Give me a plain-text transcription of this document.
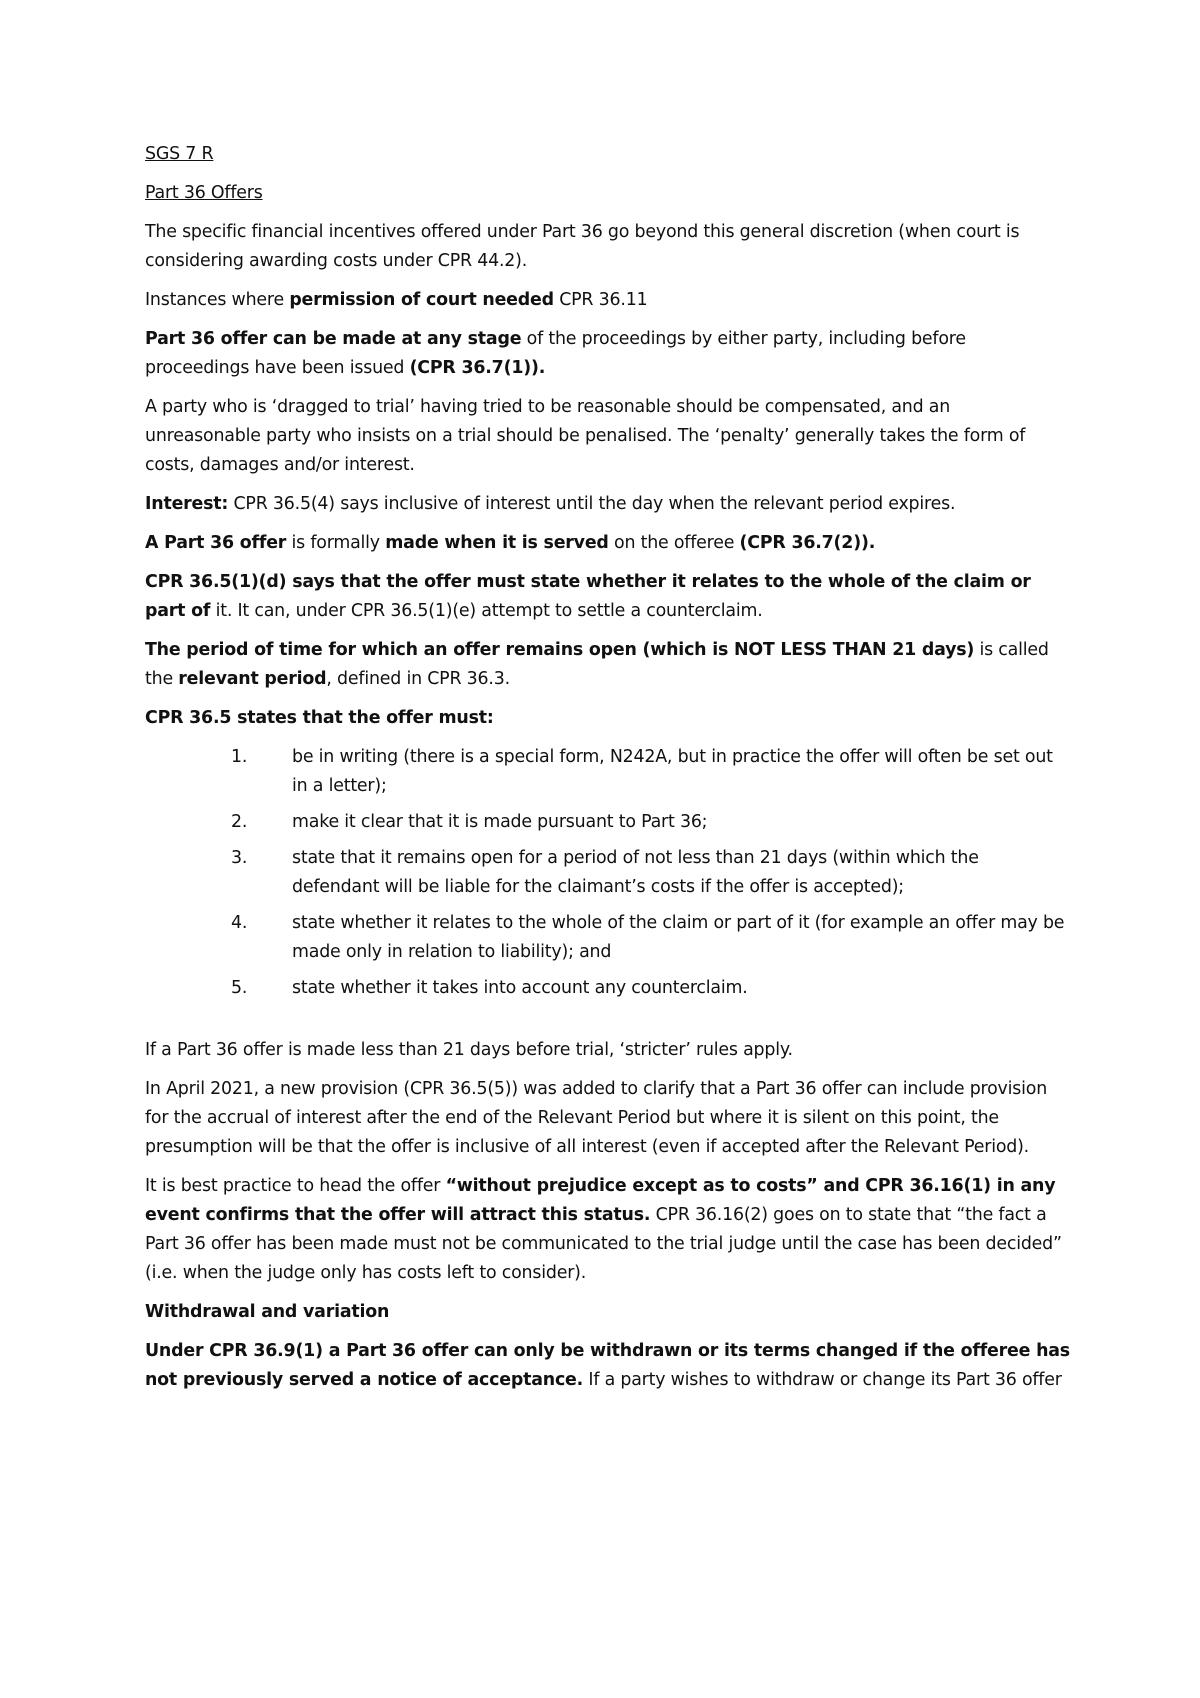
SGS 7 R

Part 36 Offers

The specific financial incentives offered under Part 36 go beyond this general discretion (when court is considering awarding costs under CPR 44.2).

Instances where permission of court needed CPR 36.11

Part 36 offer can be made at any stage of the proceedings by either party, including before proceedings have been issued (CPR 36.7(1)).

A party who is ‘dragged to trial’ having tried to be reasonable should be compensated, and an unreasonable party who insists on a trial should be penalised. The ‘penalty’ generally takes the form of costs, damages and/or interest.

Interest: CPR 36.5(4) says inclusive of interest until the day when the relevant period expires.

A Part 36 offer is formally made when it is served on the offeree (CPR 36.7(2)).

CPR 36.5(1)(d) says that the offer must state whether it relates to the whole of the claim or part of it. It can, under CPR 36.5(1)(e) attempt to settle a counterclaim.

The period of time for which an offer remains open (which is NOT LESS THAN 21 days) is called the relevant period, defined in CPR 36.3.

CPR 36.5 states that the offer must:

1.	be in writing (there is a special form, N242A, but in practice the offer will often be set out in a letter);
2.	make it clear that it is made pursuant to Part 36;
3.	state that it remains open for a period of not less than 21 days (within which the defendant will be liable for the claimant’s costs if the offer is accepted);
4.	state whether it relates to the whole of the claim or part of it (for example an offer may be made only in relation to liability); and
5.	state whether it takes into account any counterclaim.

If a Part 36 offer is made less than 21 days before trial, ‘stricter’ rules apply.

In April 2021, a new provision (CPR 36.5(5)) was added to clarify that a Part 36 offer can include provision for the accrual of interest after the end of the Relevant Period but where it is silent on this point, the presumption will be that the offer is inclusive of all interest (even if accepted after the Relevant Period).

It is best practice to head the offer “without prejudice except as to costs” and CPR 36.16(1) in any event confirms that the offer will attract this status. CPR 36.16(2) goes on to state that “the fact a Part 36 offer has been made must not be communicated to the trial judge until the case has been decided” (i.e. when the judge only has costs left to consider).

Withdrawal and variation

Under CPR 36.9(1) a Part 36 offer can only be withdrawn or its terms changed if the offeree has not previously served a notice of acceptance. If a party wishes to withdraw or change its Part 36 offer
